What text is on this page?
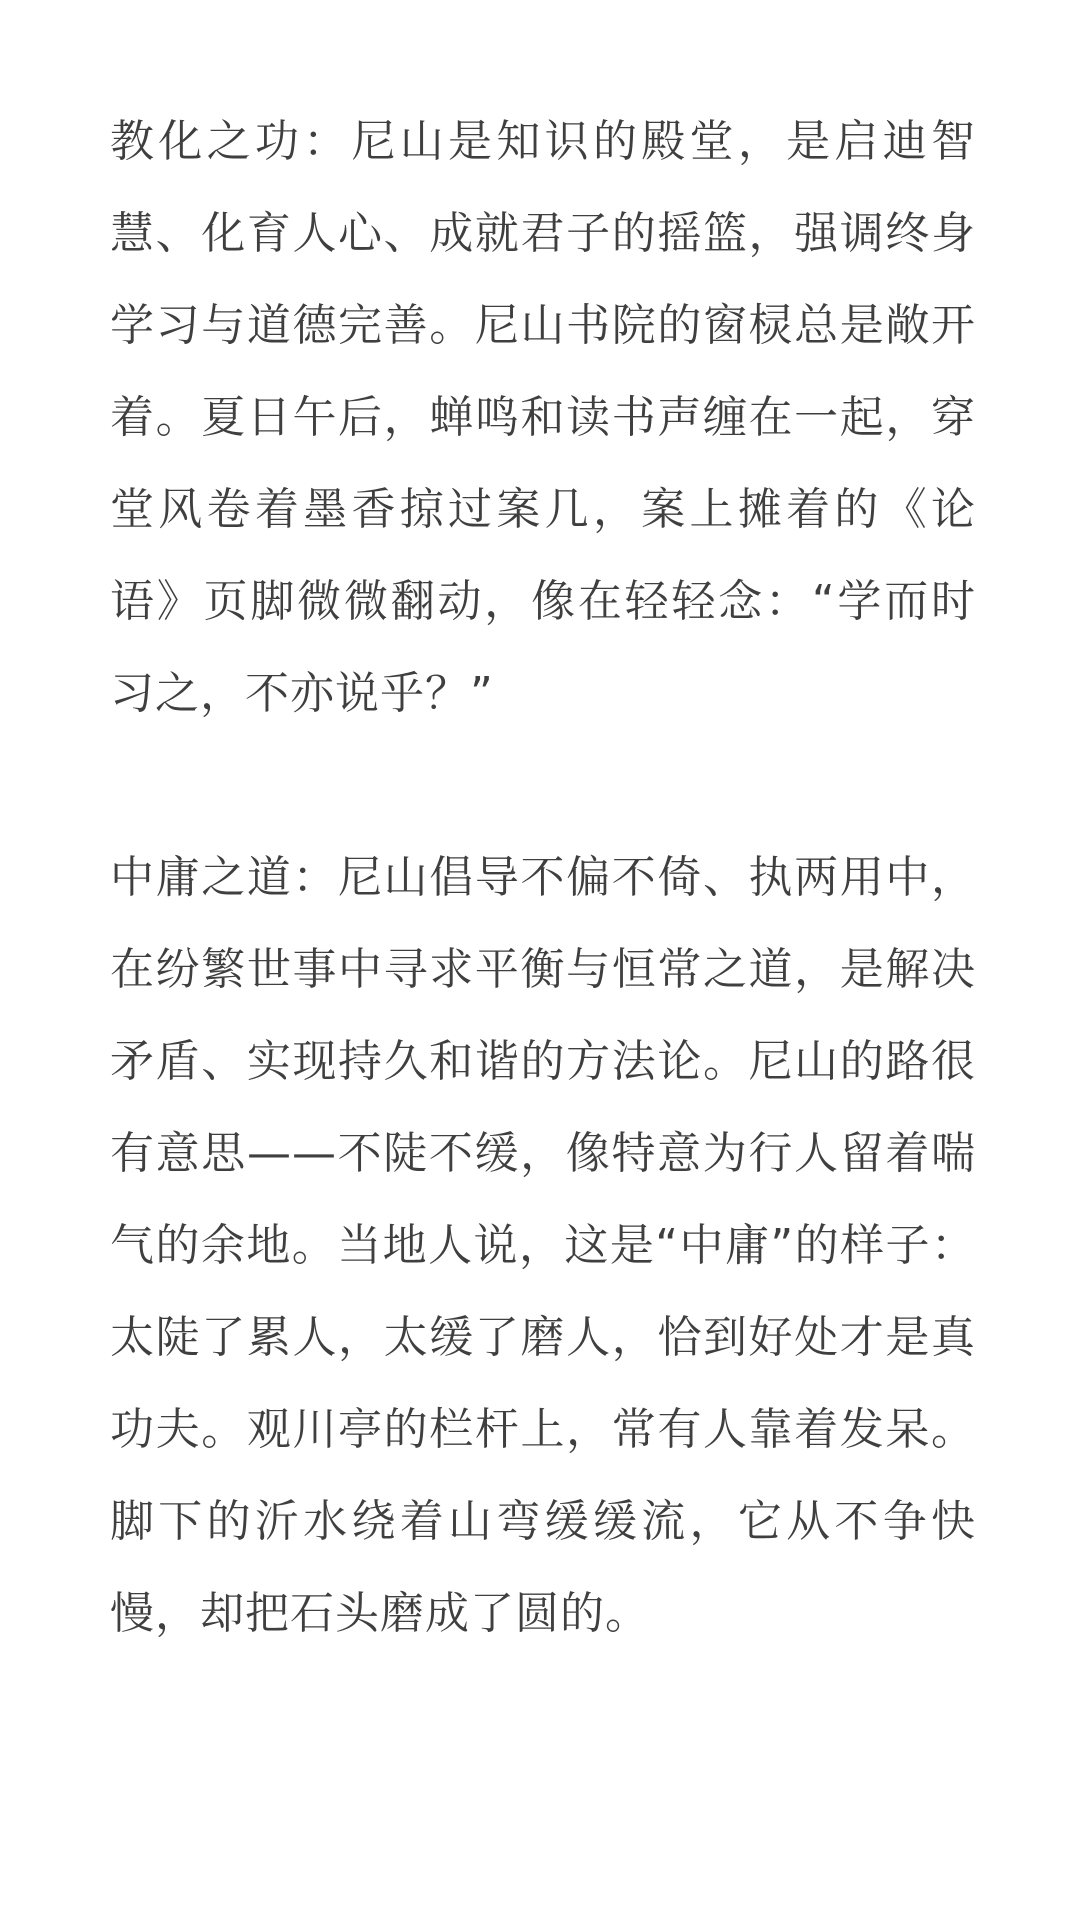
教化之功：尼山是知识的殿堂，是启迪智慧、化育人心、成就君子的摇篮，强调终身学习与道德完善。尼山书院的窗棂总是敞开着。夏日午后，蝉鸣和读书声缠在一起，穿堂风卷着墨香掠过案几，案上摊着的《论语》页脚微微翻动，像在轻轻念：“学而时习之，不亦说乎？”

中庸之道：尼山倡导不偏不倚、执两用中，在纷繁世事中寻求平衡与恒常之道，是解决矛盾、实现持久和谐的方法论。尼山的路很有意思——不陡不缓，像特意为行人留着喘气的余地。当地人说，这是“中庸”的样子：太陡了累人，太缓了磨人，恰到好处才是真功夫。观川亭的栏杆上，常有人靠着发呆。脚下的沂水绕着山弯缓缓流，它从不争快慢，却把石头磨成了圆的。
